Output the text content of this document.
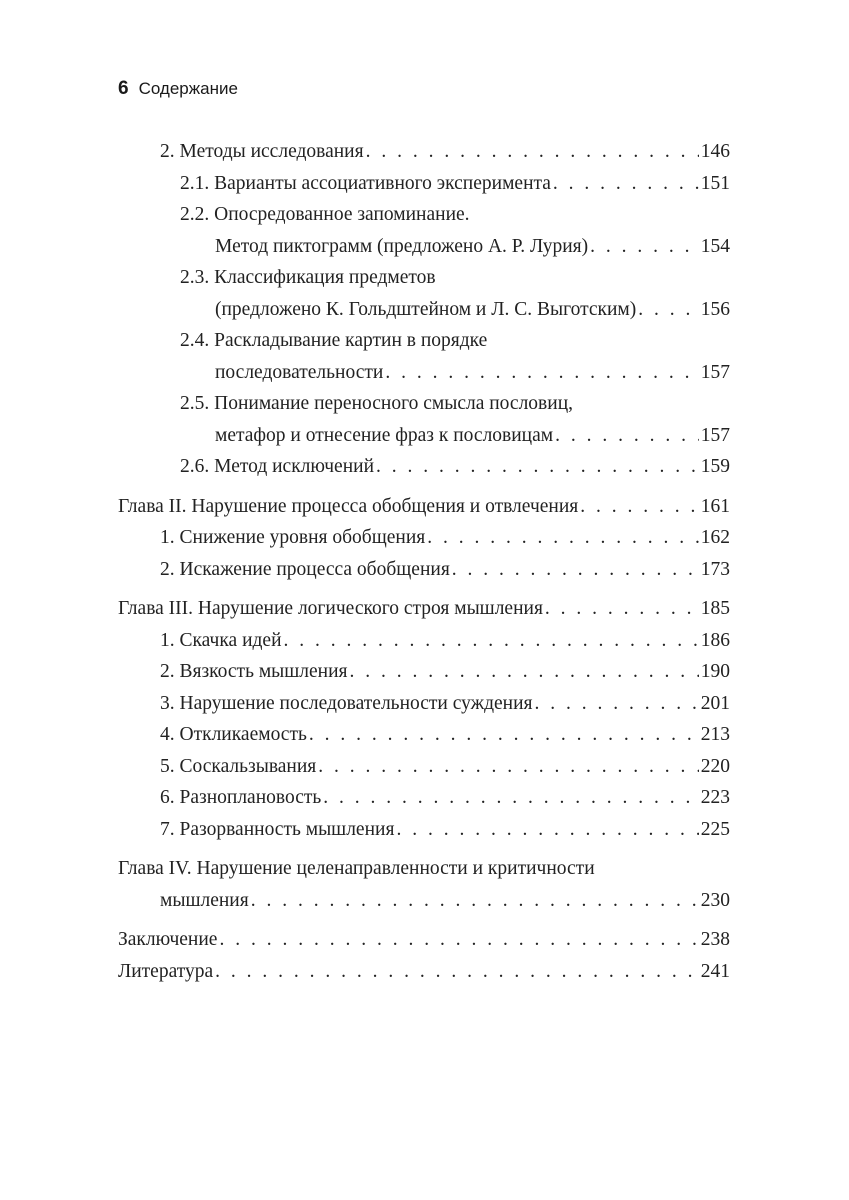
6 Содержание
2. Методы исследования . . .	146
2.1. Варианты ассоциативного эксперимента . . .	151
2.2. Опосредованное запоминание.
Метод пиктограмм (предложено А. Р. Лурия) . . .	154
2.3. Классификация предметов
(предложено К. Гольдштейном и Л. С. Выготским) . . .	156
2.4. Раскладывание картин в порядке
последовательности . . .	157
2.5. Понимание переносного смысла пословиц,
метафор и отнесение фраз к пословицам . . .	157
2.6. Метод исключений . . .	159
Глава II. Нарушение процесса обобщения и отвлечения . . .	161
1. Снижение уровня обобщения . . .	162
2. Искажение процесса обобщения . . .	173
Глава III. Нарушение логического строя мышления . . .	185
1. Скачка идей . . .	186
2. Вязкость мышления . . .	190
3. Нарушение последовательности суждения . . .	201
4. Откликаемость . . .	213
5. Соскальзывания . . .	220
6. Разноплановость . . .	223
7. Разорванность мышления . . .	225
Глава IV. Нарушение целенаправленности и критичности
мышления . . .	230
Заключение . . .	238
Литература . . .	241
